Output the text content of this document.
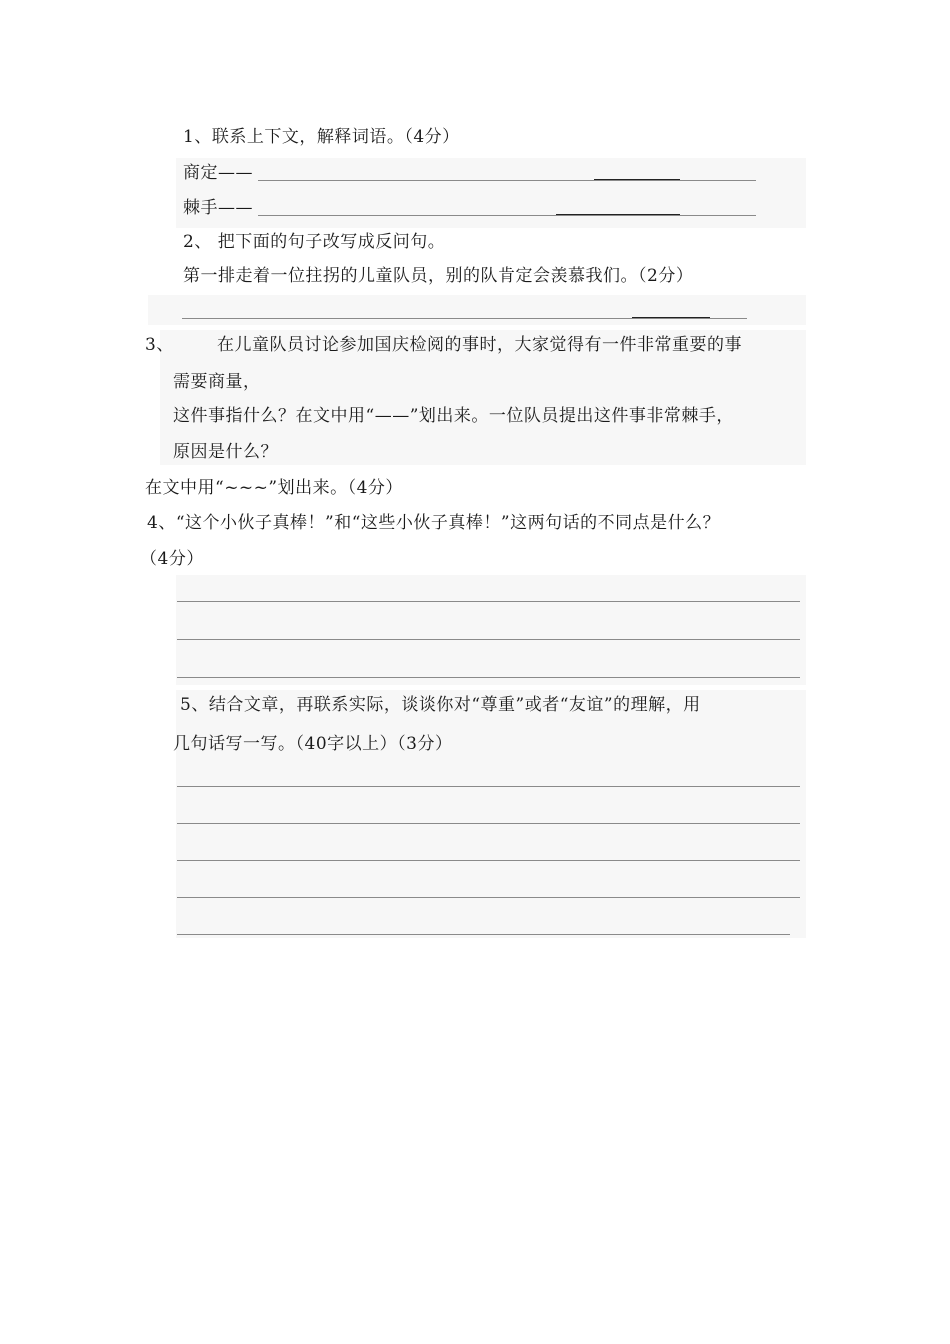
1、联系上下文，解释词语。（4分）
商定——
棘手——
2、 把下面的句子改写成反问句。
第一排走着一位拄拐的儿童队员，别的队肯定会羡慕我们。（2分）
3、	在儿童队员讨论参加国庆检阅的事时，大家觉得有一件非常重要的事
需要商量，
这件事指什么？在文中用“——”划出来。一位队员提出这件事非常棘手，
原因是什么？
在文中用“~~~”划出来。（4分）
4、“这个小伙子真棒！”和“这些小伙子真棒！”这两句话的不同点是什么？
（4分）
5、结合文章，再联系实际，谈谈你对“尊重”或者“友谊”的理解，用
几句话写一写。（40字以上）（3分）
